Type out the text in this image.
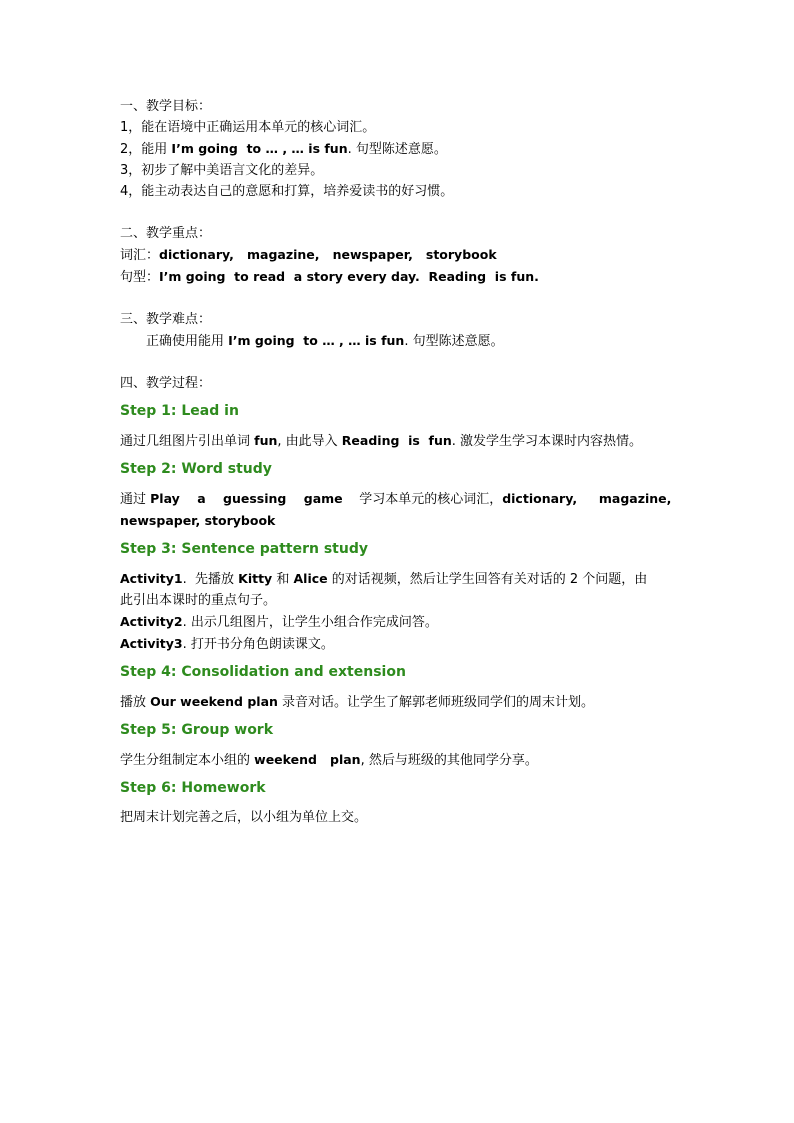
一、教学目标：
1，能在语境中正确运用本单元的核心词汇。
2，能用 I’m going  to … , … is fun. 句型陈述意愿。
3，初步了解中美语言文化的差异。
4，能主动表达自己的意愿和打算，培养爱读书的好习惯。
二、教学重点：
词汇：dictionary,   magazine,   newspaper,   storybook
句型：I’m going  to read  a story every day.  Reading  is fun.
三、教学难点：
正确使用能用 I’m going  to … , … is fun. 句型陈述意愿。
四、教学过程：
Step 1: Lead in
通过几组图片引出单词 fun, 由此导入 Reading  is  fun. 激发学生学习本课时内容热情。
Step 2: Word study
通过 Play    a    guessing    game    学习本单元的核心词汇，dictionary,     magazine,
newspaper, storybook
Step 3: Sentence pattern study
Activity1.  先播放 Kitty 和 Alice 的对话视频，然后让学生回答有关对话的 2 个问题，由
此引出本课时的重点句子。
Activity2. 出示几组图片，让学生小组合作完成问答。
Activity3. 打开书分角色朗读课文。
Step 4: Consolidation and extension
播放 Our weekend plan 录音对话。让学生了解郭老师班级同学们的周末计划。
Step 5: Group work
学生分组制定本小组的 weekend   plan, 然后与班级的其他同学分享。
Step 6: Homework
把周末计划完善之后，以小组为单位上交。
